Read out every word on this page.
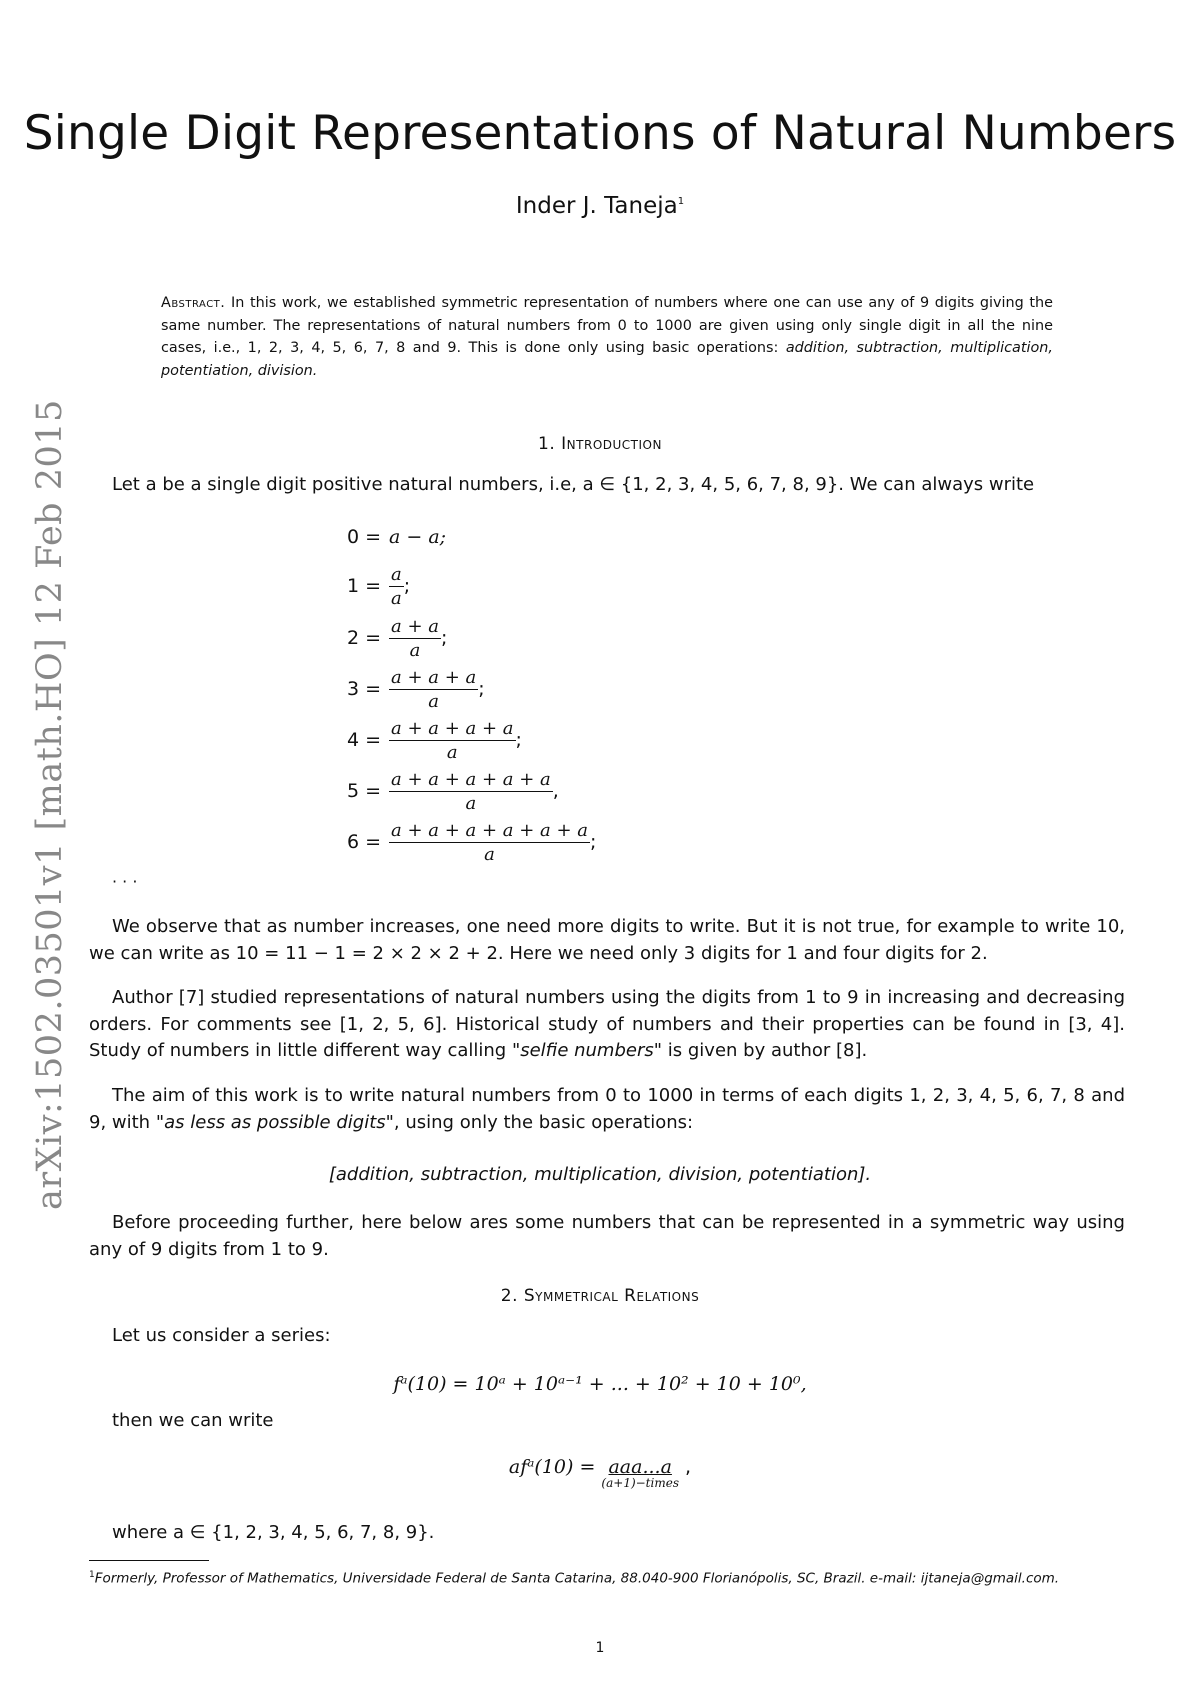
arXiv:1502.03501v1 [math.HO] 12 Feb 2015
Single Digit Representations of Natural Numbers
Inder J. Taneja$^1$
Abstract. In this work, we established symmetric representation of numbers where one can use any of 9 digits giving the same number. The representations of natural numbers from 0 to 1000 are given using only single digit in all the nine cases, i.e., 1, 2, 3, 4, 5, 6, 7, 8 and 9. This is done only using basic operations: addition, subtraction, multiplication, potentiation, division.
1. Introduction
Let a be a single digit positive natural numbers, i.e, a ∈ {1, 2, 3, 4, 5, 6, 7, 8, 9}. We can always write
0 = a − a;
$1 = \frac{a}{a}$ ;
$2 = \frac{a + a}{a}$ ;
$3 = \frac{a + a + a}{a}$ ;
$4 = \frac{a + a + a + a}{a}$ ;
$5 = \frac{a + a + a + a + a}{a}$ ,
$6 = \frac{a + a + a + a + a + a}{a}$ ;
· · ·
We observe that as number increases, one need more digits to write. But it is not true, for example to write 10, we can write as 10 = 11 − 1 = 2 × 2 × 2 + 2. Here we need only 3 digits for 1 and four digits for 2.
Author [7] studied representations of natural numbers using the digits from 1 to 9 in increasing and decreasing orders. For comments see [1, 2, 5, 6]. Historical study of numbers and their properties can be found in [3, 4]. Study of numbers in little different way calling "selfie numbers" is given by author [8].
The aim of this work is to write natural numbers from 0 to 1000 in terms of each digits 1, 2, 3, 4, 5, 6, 7, 8 and 9, with "as less as possible digits", using only the basic operations:
[addition, subtraction, multiplication, division, potentiation].
Before proceeding further, here below ares some numbers that can be represented in a symmetric way using any of 9 digits from 1 to 9.
2. Symmetrical Relations
Let us consider a series:
fᵃ(10) = 10ᵃ + 10ᵃ⁻¹ + ... + 10² + 10 + 10⁰,
then we can write
afᵃ(10) = aaa...a
(a+1)−times
,
where a ∈ {1, 2, 3, 4, 5, 6, 7, 8, 9}.
$^1$Formerly, Professor of Mathematics, Universidade Federal de Santa Catarina, 88.040-900 Florianópolis, SC, Brazil. e-mail: ijtaneja@gmail.com.
1
